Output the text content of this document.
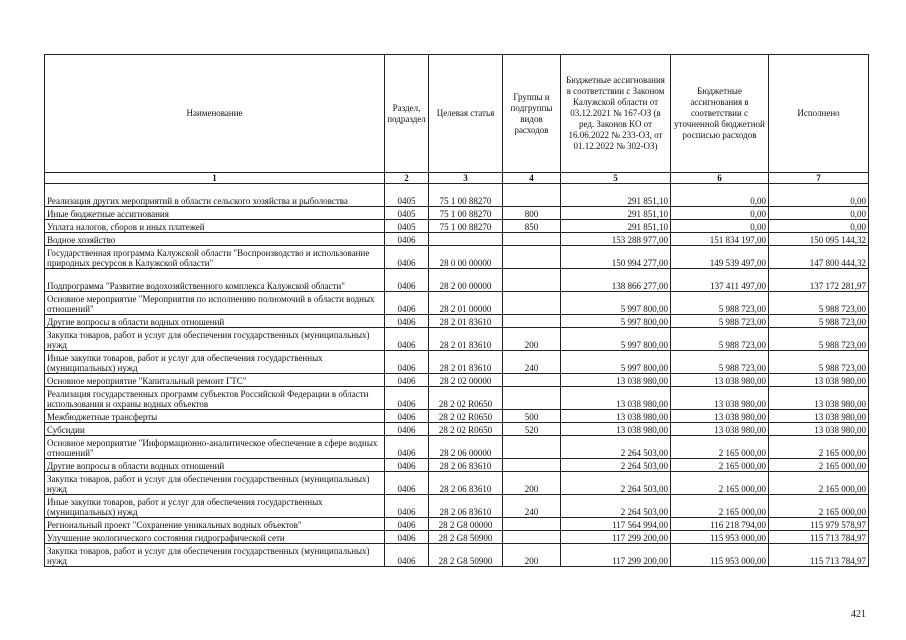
Наименование	Раздел, подраздел	Целевая статья	Группы и подгруппы видов расходов	Бюджетные ассигнования в соответствии с Законом Калужской области от 03.12.2021 № 167-ОЗ (в ред. Законов КО от 16.06.2022 № 233-ОЗ, от 01.12.2022 № 302-ОЗ)	Бюджетные ассигнования в соответствии с уточненной бюджетной росписью расходов	Исполнено
1	2	3	4	5	6	7
Реализация других мероприятий в области сельского хозяйства и рыболовства	0405	75 1 00 88270		291 851,10	0,00	0,00
Иные бюджетные ассигнования	0405	75 1 00 88270	800	291 851,10	0,00	0,00
Уплата налогов, сборов и иных платежей	0405	75 1 00 88270	850	291 851,10	0,00	0,00
Водное хозяйство	0406			153 288 977,00	151 834 197,00	150 095 144,32
Государственная программа Калужской области "Воспроизводство и использование природных ресурсов в Калужской области"	0406	28 0 00 00000		150 994 277,00	149 539 497,00	147 800 444,32
Подпрограмма "Развитие водохозяйственного комплекса Калужской области"	0406	28 2 00 00000		138 866 277,00	137 411 497,00	137 172 281,97
Основное мероприятие "Мероприятия по исполнению полномочий в области водных отношений"	0406	28 2 01 00000		5 997 800,00	5 988 723,00	5 988 723,00
Другие вопросы в области водных отношений	0406	28 2 01 83610		5 997 800,00	5 988 723,00	5 988 723,00
Закупка товаров, работ и услуг для обеспечения государственных (муниципальных) нужд	0406	28 2 01 83610	200	5 997 800,00	5 988 723,00	5 988 723,00
Иные закупки товаров, работ и услуг для обеспечения государственных (муниципальных) нужд	0406	28 2 01 83610	240	5 997 800,00	5 988 723,00	5 988 723,00
Основное мероприятие "Капитальный ремонт ГТС"	0406	28 2 02 00000		13 038 980,00	13 038 980,00	13 038 980,00
Реализация государственных программ субъектов Российской Федерации в области использования и охраны водных объектов	0406	28 2 02 R0650		13 038 980,00	13 038 980,00	13 038 980,00
Межбюджетные трансферты	0406	28 2 02 R0650	500	13 038 980,00	13 038 980,00	13 038 980,00
Субсидии	0406	28 2 02 R0650	520	13 038 980,00	13 038 980,00	13 038 980,00
Основное мероприятие "Информационно-аналитическое обеспечение в сфере водных отношений"	0406	28 2 06 00000		2 264 503,00	2 165 000,00	2 165 000,00
Другие вопросы в области водных отношений	0406	28 2 06 83610		2 264 503,00	2 165 000,00	2 165 000,00
Закупка товаров, работ и услуг для обеспечения государственных (муниципальных) нужд	0406	28 2 06 83610	200	2 264 503,00	2 165 000,00	2 165 000,00
Иные закупки товаров, работ и услуг для обеспечения государственных (муниципальных) нужд	0406	28 2 06 83610	240	2 264 503,00	2 165 000,00	2 165 000,00
Региональный проект "Сохранение уникальных водных объектов"	0406	28 2 G8 00000		117 564 994,00	116 218 794,00	115 979 578,97
Улучшение экологического состояния гидрографической сети	0406	28 2 G8 50900		117 299 200,00	115 953 000,00	115 713 784,97
Закупка товаров, работ и услуг для обеспечения государственных (муниципальных) нужд	0406	28 2 G8 50900	200	117 299 200,00	115 953 000,00	115 713 784,97
421
